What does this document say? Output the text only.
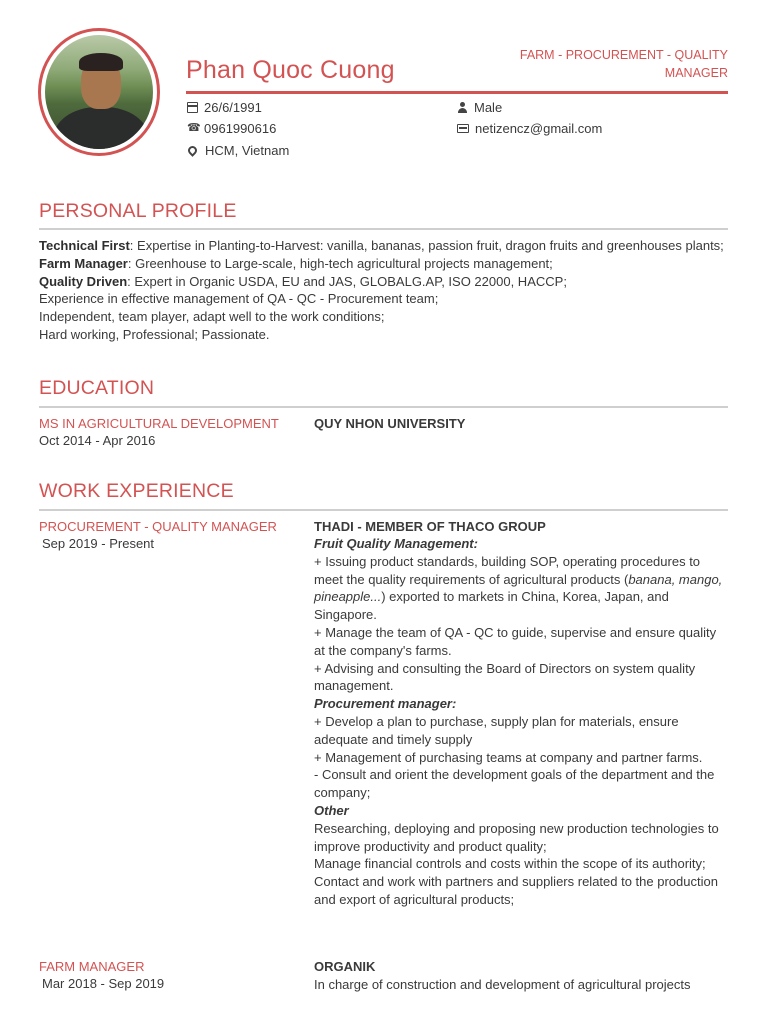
Phan Quoc Cuong
FARM - PROCUREMENT - QUALITY MANAGER
26/6/1991
☎
0961990616
HCM, Vietnam
Male
netizencz@gmail.com
PERSONAL PROFILE
Technical First: Expertise in Planting-to-Harvest: vanilla, bananas, passion fruit, dragon fruits and greenhouses plants;
Farm Manager: Greenhouse to Large-scale, high-tech agricultural projects management;
Quality Driven: Expert in Organic USDA, EU and JAS, GLOBALG.AP, ISO 22000, HACCP;
Experience in effective management of QA - QC - Procurement team;
Independent, team player, adapt well to the work conditions;
Hard working, Professional; Passionate.
EDUCATION
MS IN AGRICULTURAL DEVELOPMENT
Oct 2014 - Apr 2016
QUY NHON UNIVERSITY
WORK EXPERIENCE
PROCUREMENT - QUALITY MANAGER
Sep 2019 - Present
THADI - MEMBER OF THACO GROUP
Fruit Quality Management:
+ Issuing product standards, building SOP, operating procedures to meet the quality requirements of agricultural products (banana, mango, pineapple...) exported to markets in China, Korea, Japan, and Singapore.
+ Manage the team of QA - QC to guide, supervise and ensure quality at the company's farms.
+ Advising and consulting the Board of Directors on system quality management.
Procurement manager:
+ Develop a plan to purchase, supply plan for materials, ensure adequate and timely supply
+ Management of purchasing teams at company and partner farms.
- Consult and orient the development goals of the department and the company;
Other
Researching, deploying and proposing new production technologies to improve productivity and product quality;
Manage financial controls and costs within the scope of its authority;
Contact and work with partners and suppliers related to the production and export of agricultural products;
FARM MANAGER
Mar 2018 - Sep 2019
ORGANIK
In charge of construction and development of agricultural projects
